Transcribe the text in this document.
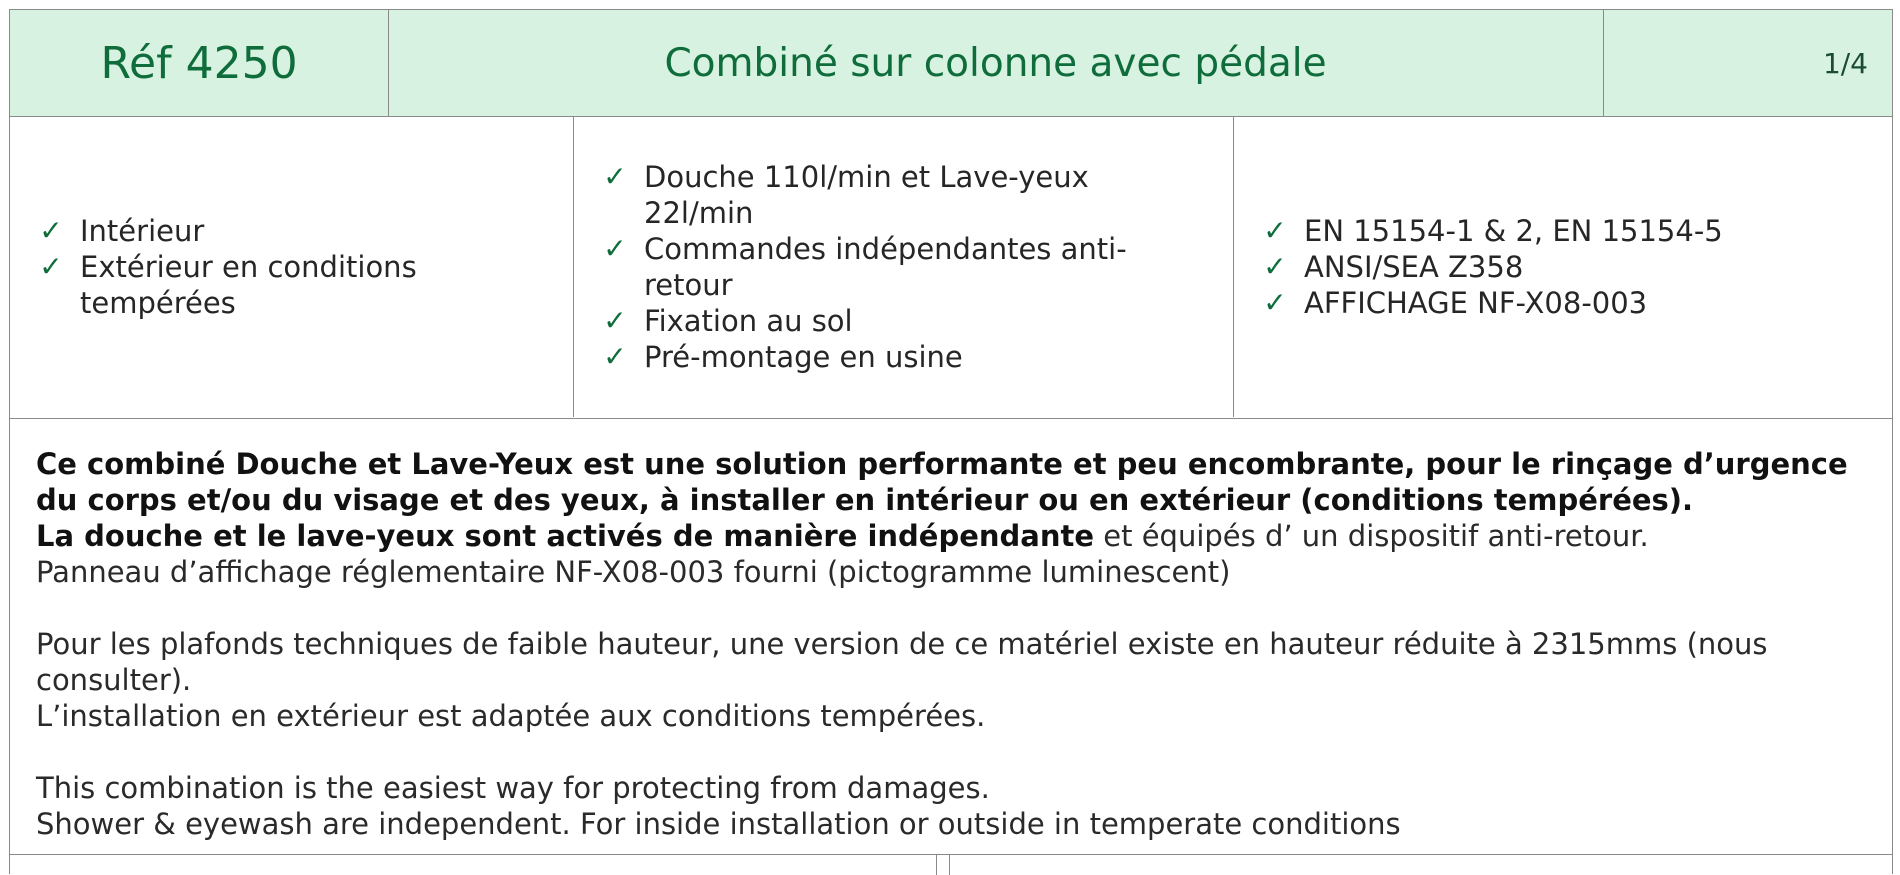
Réf 4250	Combiné sur colonne avec pédale	1/4
✓ Intérieur
✓ Extérieur en conditions tempérées
✓ Douche 110l/min et Lave-yeux 22l/min
✓ Commandes indépendantes anti-retour
✓ Fixation au sol
✓ Pré-montage en usine
✓ EN 15154-1 & 2, EN 15154-5
✓ ANSI/SEA Z358
✓ AFFICHAGE NF-X08-003

Ce combiné Douche et Lave-Yeux est une solution performante et peu encombrante, pour le rinçage d’urgence du corps et/ou du visage et des yeux, à installer en intérieur ou en extérieur (conditions tempérées).

La douche et le lave-yeux sont activés de manière indépendante et équipés d’ un dispositif anti-retour.

Panneau d’affichage réglementaire NF-X08-003 fourni (pictogramme luminescent)

Pour les plafonds techniques de faible hauteur, une version de ce matériel existe en hauteur réduite à 2315mms (nous consulter).

L’installation en extérieur est adaptée aux conditions tempérées.

This combination is the easiest way for protecting from damages.

Shower & eyewash are independent. For inside installation or outside in temperate conditions
